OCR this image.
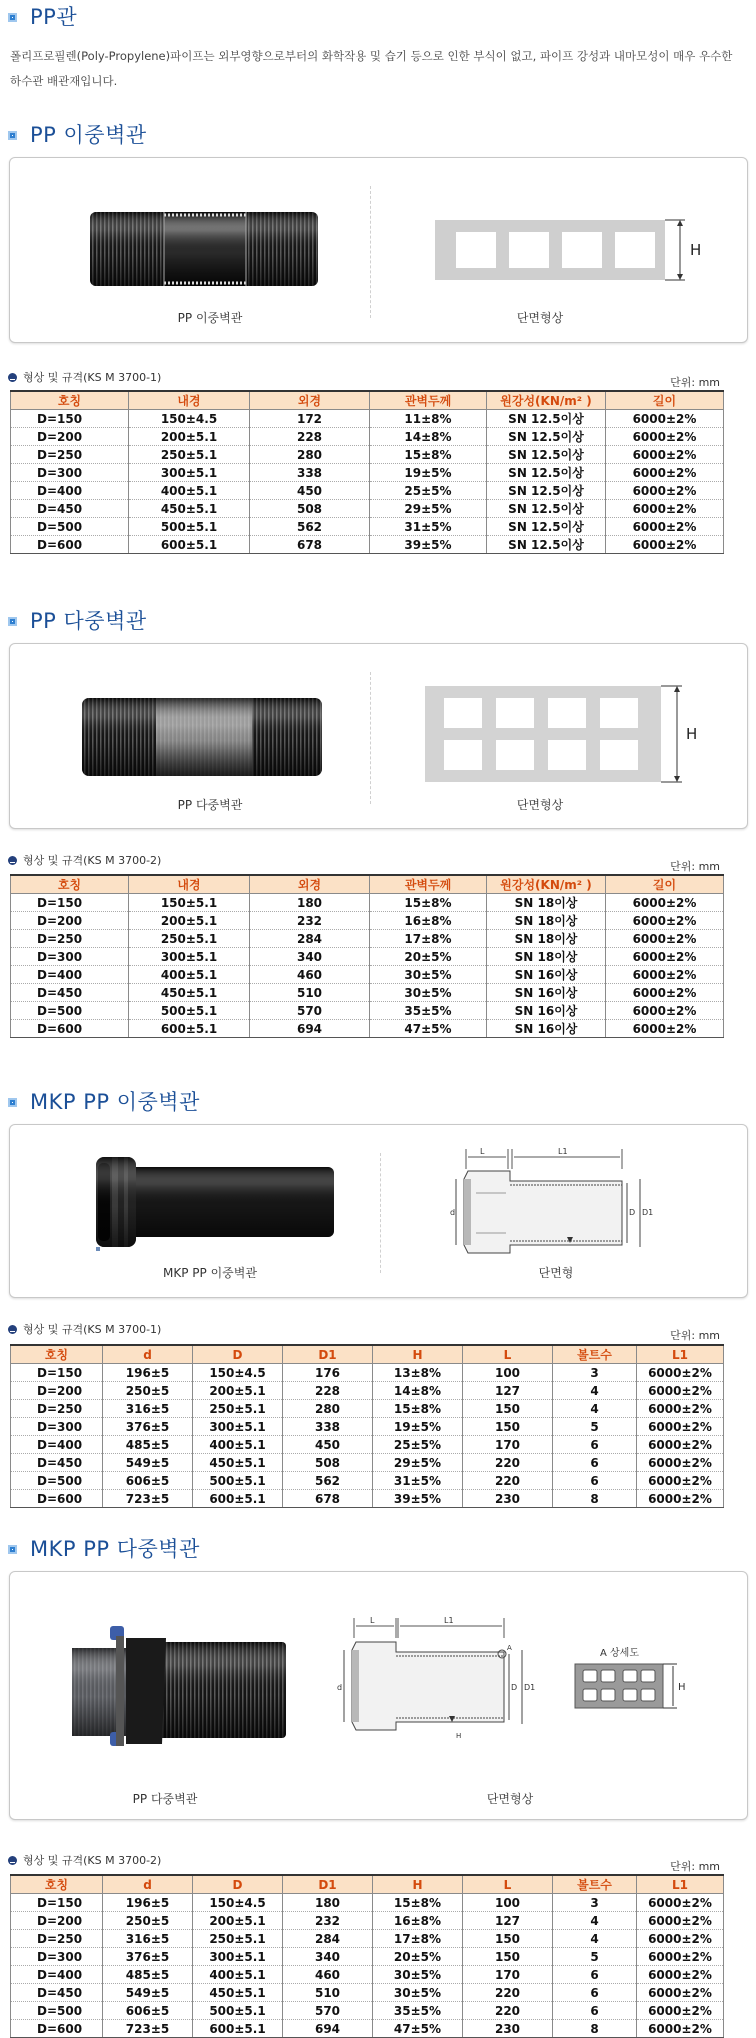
PP관
폴리프로필렌(Poly-Propylene)파이프는 외부영향으로부터의 화학작용 및 습기 등으로 인한 부식이 없고, 파이프 강성과 내마모성이 매우 우수한 하수관 배관재입니다.
PP 이중벽관
PP 이중벽관
H
단면형상
형상 및 규격(KS M 3700-1)	단위: mm
호칭	내경	외경	관벽두께	원강성(KN/m² )	길이
D=150	150±4.5	172	11±8%	SN 12.5이상	6000±2%
D=200	200±5.1	228	14±8%	SN 12.5이상	6000±2%
D=250	250±5.1	280	15±8%	SN 12.5이상	6000±2%
D=300	300±5.1	338	19±5%	SN 12.5이상	6000±2%
D=400	400±5.1	450	25±5%	SN 12.5이상	6000±2%
D=450	450±5.1	508	29±5%	SN 12.5이상	6000±2%
D=500	500±5.1	562	31±5%	SN 12.5이상	6000±2%
D=600	600±5.1	678	39±5%	SN 12.5이상	6000±2%
PP 다중벽관
PP 다중벽관
H
단면형상
형상 및 규격(KS M 3700-2)	단위: mm
호칭	내경	외경	관벽두께	원강성(KN/m² )	길이
D=150	150±5.1	180	15±8%	SN 18이상	6000±2%
D=200	200±5.1	232	16±8%	SN 18이상	6000±2%
D=250	250±5.1	284	17±8%	SN 18이상	6000±2%
D=300	300±5.1	340	20±5%	SN 18이상	6000±2%
D=400	400±5.1	460	30±5%	SN 16이상	6000±2%
D=450	450±5.1	510	30±5%	SN 16이상	6000±2%
D=500	500±5.1	570	35±5%	SN 16이상	6000±2%
D=600	600±5.1	694	47±5%	SN 16이상	6000±2%
MKP PP 이중벽관
MKP PP 이중벽관
L	L1
d	D D1
단면형
형상 및 규격(KS M 3700-1)	단위: mm
호칭	d	D	D1	H	L	볼트수	L1
D=150	196±5	150±4.5	176	13±8%	100	3	6000±2%
D=200	250±5	200±5.1	228	14±8%	127	4	6000±2%
D=250	316±5	250±5.1	280	15±8%	150	4	6000±2%
D=300	376±5	300±5.1	338	19±5%	150	5	6000±2%
D=400	485±5	400±5.1	450	25±5%	170	6	6000±2%
D=450	549±5	450±5.1	508	29±5%	220	6	6000±2%
D=500	606±5	500±5.1	562	31±5%	220	6	6000±2%
D=600	723±5	600±5.1	678	39±5%	230	8	6000±2%
MKP PP 다중벽관
PP 다중벽관
L	L1
A
d	D D1
H
단면형상
A 상세도
H
형상 및 규격(KS M 3700-2)	단위: mm
호칭	d	D	D1	H	L	볼트수	L1
D=150	196±5	150±4.5	180	15±8%	100	3	6000±2%
D=200	250±5	200±5.1	232	16±8%	127	4	6000±2%
D=250	316±5	250±5.1	284	17±8%	150	4	6000±2%
D=300	376±5	300±5.1	340	20±5%	150	5	6000±2%
D=400	485±5	400±5.1	460	30±5%	170	6	6000±2%
D=450	549±5	450±5.1	510	30±5%	220	6	6000±2%
D=500	606±5	500±5.1	570	35±5%	220	6	6000±2%
D=600	723±5	600±5.1	694	47±5%	230	8	6000±2%
